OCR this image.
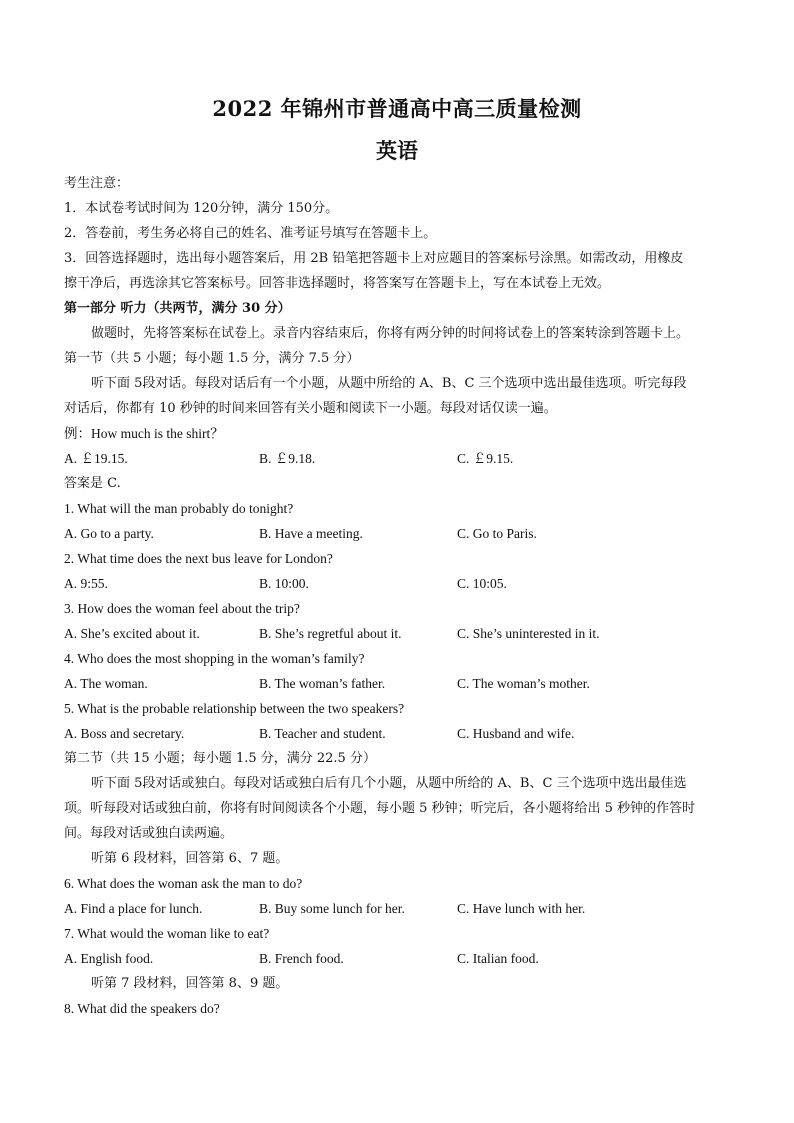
2022 年锦州市普通高中高三质量检测
英语
考生注意：
1．本试卷考试时间为 120分钟，满分 150分。
2．答卷前，考生务必将自己的姓名、准考证号填写在答题卡上。
3．回答选择题时，选出每小题答案后，用 2B 铅笔把答题卡上对应题目的答案标号涂黑。如需改动，用橡皮
擦干净后，再选涂其它答案标号。回答非选择题时，将答案写在答题卡上，写在本试卷上无效。
第一部分 听力（共两节，满分 30 分）
做题时，先将答案标在试卷上。录音内容结束后，你将有两分钟的时间将试卷上的答案转涂到答题卡上。
第一节（共 5 小题；每小题 1.5 分，满分 7.5 分）
听下面 5段对话。每段对话后有一个小题，从题中所给的 A、B、C 三个选项中选出最佳选项。听完每段
对话后，你都有 10 秒钟的时间来回答有关小题和阅读下一小题。每段对话仅读一遍。
例：How much is the shirt？
A. ￡19.15.	B. ￡9.18.	C. ￡9.15.
答案是 C.
1. What will the man probably do tonight?
A. Go to a party.	B. Have a meeting.	C. Go to Paris.
2. What time does the next bus leave for London?
A. 9:55.	B. 10:00.	C. 10:05.
3. How does the woman feel about the trip?
A. She’s excited about it.	B. She’s regretful about it.	C. She’s uninterested in it.
4. Who does the most shopping in the woman’s family?
A. The woman.	B. The woman’s father.	C. The woman’s mother.
5. What is the probable relationship between the two speakers?
A. Boss and secretary.	B. Teacher and student.	C. Husband and wife.
第二节（共 15 小题；每小题 1.5 分，满分 22.5 分）
听下面 5段对话或独白。每段对话或独白后有几个小题，从题中所给的 A、B、C 三个选项中选出最佳选
项。听每段对话或独白前，你将有时间阅读各个小题，每小题 5 秒钟；听完后，各小题将给出 5 秒钟的作答时
间。每段对话或独白读两遍。
听第 6 段材料，回答第 6、7 题。
6. What does the woman ask the man to do?
A. Find a place for lunch.	B. Buy some lunch for her.	C. Have lunch with her.
7. What would the woman like to eat?
A. English food.	B. French food.	C. Italian food.
听第 7 段材料，回答第 8、9 题。
8. What did the speakers do?
